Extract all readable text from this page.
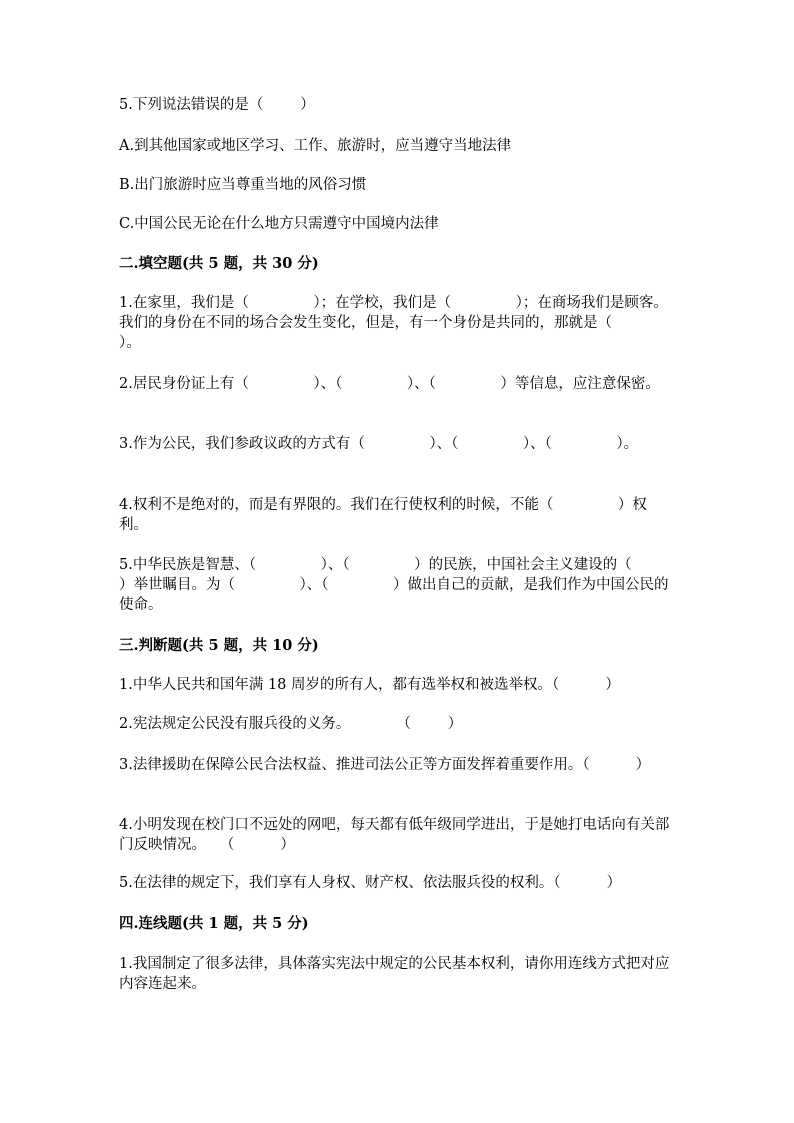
5.下列说法错误的是（        ）

A.到其他国家或地区学习、工作、旅游时，应当遵守当地法律

B.出门旅游时应当尊重当地的风俗习惯

C.中国公民无论在什么地方只需遵守中国境内法律

二.填空题(共 5 题，共 30 分)

1.在家里，我们是（              ）；在学校，我们是（              ）；在商场我们是顾客。我们的身份在不同的场合会发生变化，但是，有一个身份是共同的，那就是（              ）。

2.居民身份证上有（              ）、（              ）、（              ）等信息，应注意保密。

3.作为公民，我们参政议政的方式有（              ）、（              ）、（              ）。

4.权利不是绝对的，而是有界限的。我们在行使权利的时候，不能（              ）权利。

5.中华民族是智慧、（              ）、（              ）的民族，中国社会主义建设的（              ）举世瞩目。为（              ）、（              ）做出自己的贡献，是我们作为中国公民的使命。

三.判断题(共 5 题，共 10 分)

1.中华人民共和国年满 18 周岁的所有人，都有选举权和被选举权。（          ）

2.宪法规定公民没有服兵役的义务。          （        ）

3.法律援助在保障公民合法权益、推进司法公正等方面发挥着重要作用。（          ）

4.小明发现在校门口不远处的网吧，每天都有低年级同学进出，于是她打电话向有关部门反映情况。   （          ）

5.在法律的规定下，我们享有人身权、财产权、依法服兵役的权利。（          ）

四.连线题(共 1 题，共 5 分)

1.我国制定了很多法律，具体落实宪法中规定的公民基本权利，请你用连线方式把对应内容连起来。
